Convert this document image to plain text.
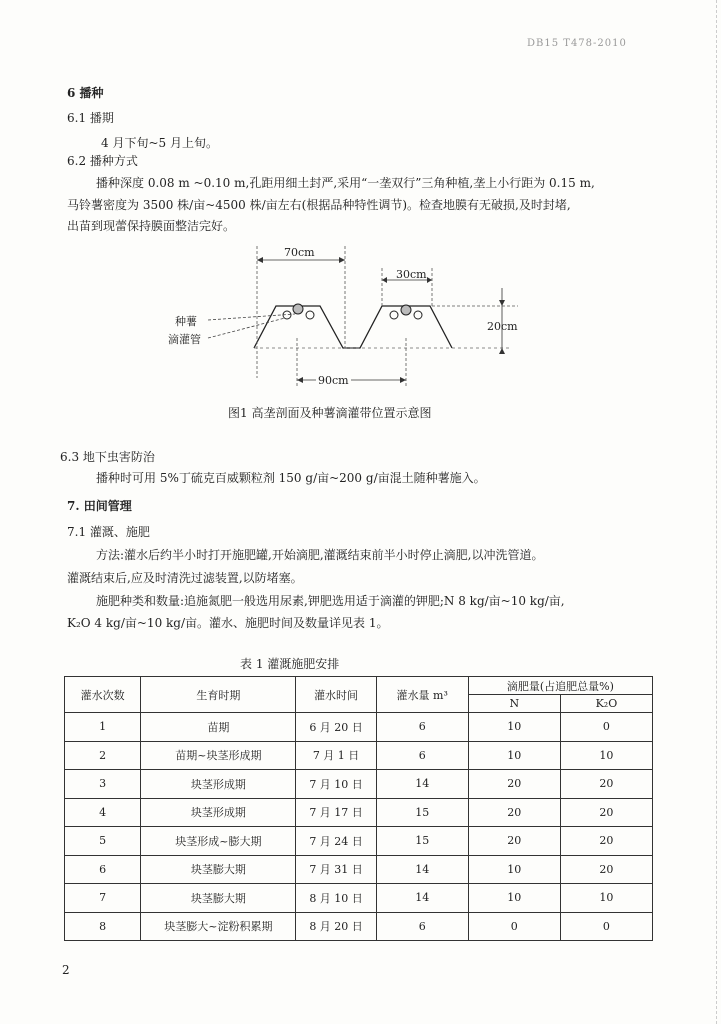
DB15 T478-2010
6 播种
6.1 播期
4 月下旬~5 月上旬。
6.2 播种方式
播种深度 0.08 m ~0.10 m,孔距用细土封严,采用“一垄双行”三角种植,垄上小行距为 0.15 m,
马铃薯密度为 3500 株/亩~4500 株/亩左右(根据品种特性调节)。检查地膜有无破损,及时封堵,
出苗到现蕾保持膜面整洁完好。
70cm
30cm
20cm
90cm
种薯
滴灌管
图1 高垄剖面及种薯滴灌带位置示意图
6.3 地下虫害防治
播种时可用 5%丁硫克百威颗粒剂 150 g/亩~200 g/亩混土随种薯施入。
7. 田间管理
7.1 灌溉、施肥
方法:灌水后约半小时打开施肥罐,开始滴肥,灌溉结束前半小时停止滴肥,以冲洗管道。
灌溉结束后,应及时清洗过滤装置,以防堵塞。
施肥种类和数量:追施氮肥一般选用尿素,钾肥选用适于滴灌的钾肥;N 8 kg/亩~10 kg/亩,
K₂O 4 kg/亩~10 kg/亩。灌水、施肥时间及数量详见表 1。
表 1 灌溉施肥安排
灌水次数	生育时期	灌水时间	灌水量 m³	滴肥量(占追肥总量%)	
				N	K₂O
1	苗期	6 月 20 日	6	10	0
2	苗期~块茎形成期	7 月 1 日	6	10	10
3	块茎形成期	7 月 10 日	14	20	20
4	块茎形成期	7 月 17 日	15	20	20
5	块茎形成~膨大期	7 月 24 日	15	20	20
6	块茎膨大期	7 月 31 日	14	10	20
7	块茎膨大期	8 月 10 日	14	10	10
8	块茎膨大~淀粉积累期	8 月 20 日	6	0	0
2
